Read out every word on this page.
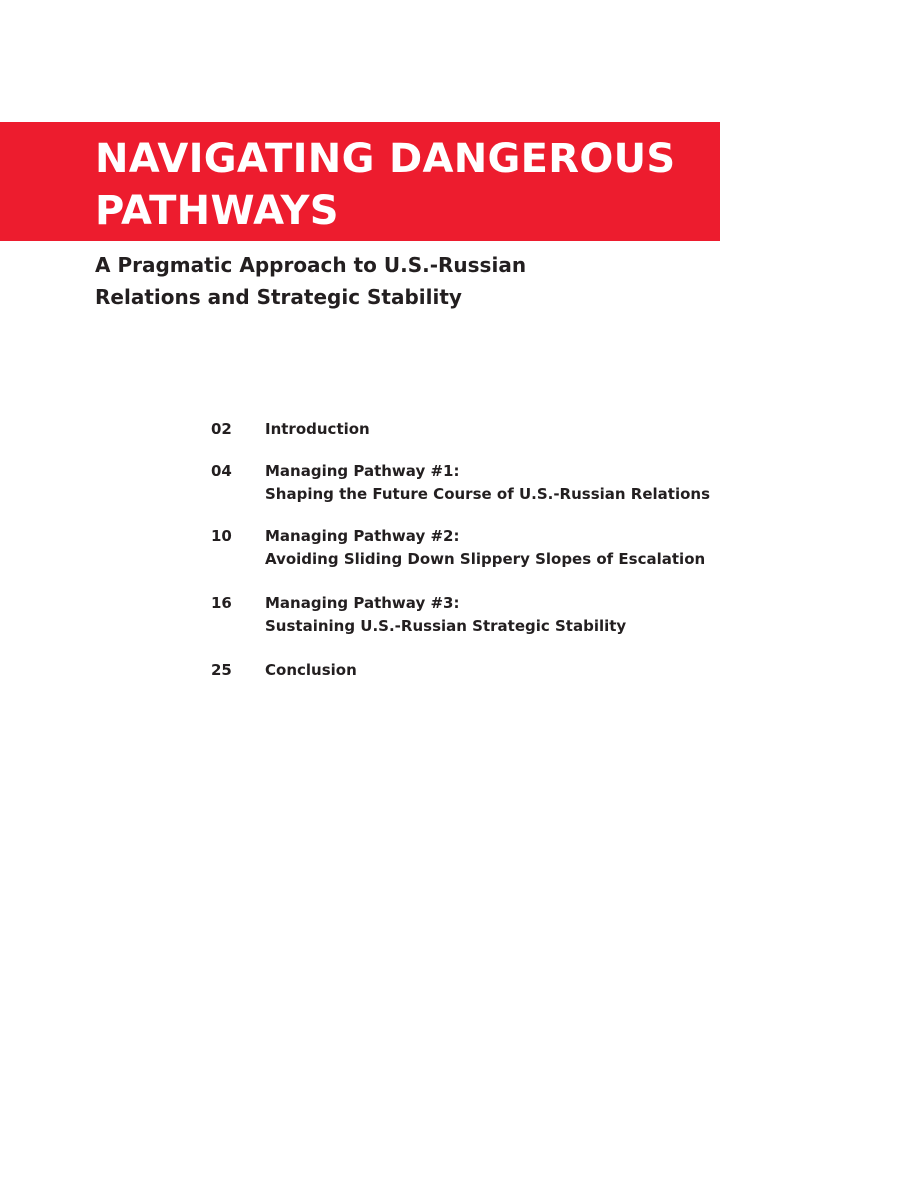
NAVIGATING DANGEROUS
PATHWAYS
A Pragmatic Approach to U.S.-Russian
Relations and Strategic Stability
02	Introduction
04	Managing Pathway #1:
Shaping the Future Course of U.S.-Russian Relations
10	Managing Pathway #2:
Avoiding Sliding Down Slippery Slopes of Escalation
16	Managing Pathway #3:
Sustaining U.S.-Russian Strategic Stability
25	Conclusion
